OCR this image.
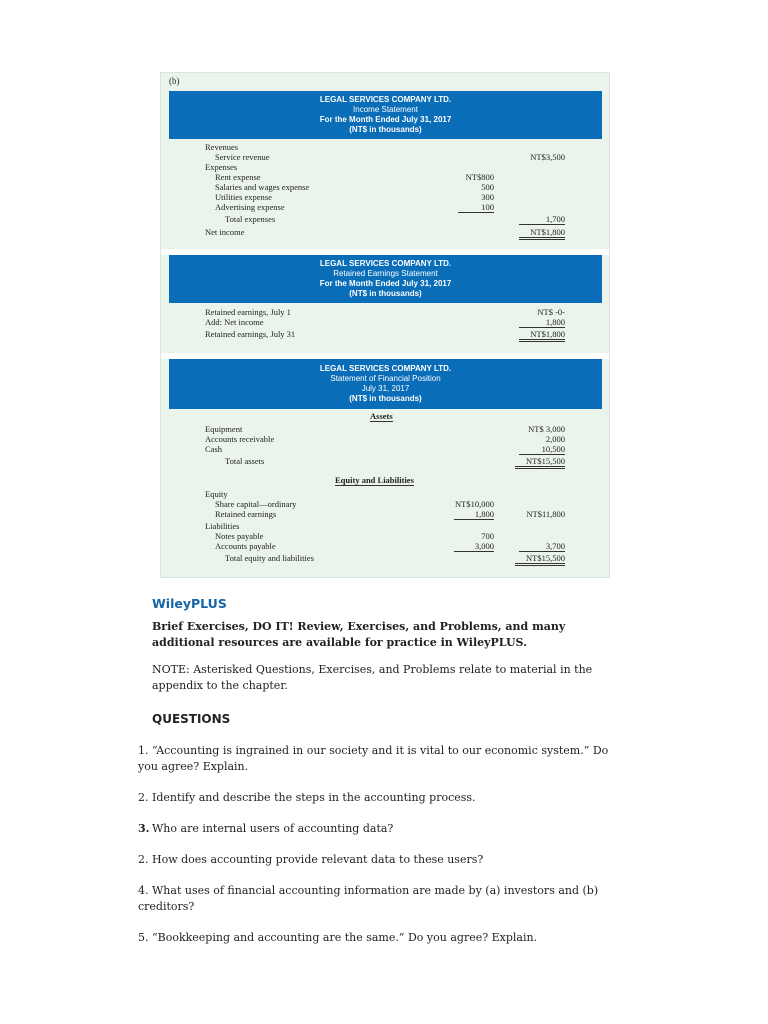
(b)
LEGAL SERVICES COMPANY LTD.
Income Statement
For the Month Ended July 31, 2017
(NT$ in thousands)
Revenues
Service revenue	NT$3,500
Expenses
Rent expense	NT$800
Salaries and wages expense	500
Utilities expense	300
Advertising expense	100
Total expenses	1,700
Net income	NT$1,800
LEGAL SERVICES COMPANY LTD.
Retained Earnings Statement
For the Month Ended July 31, 2017
(NT$ in thousands)
Retained earnings, July 1	NT$ -0-
Add: Net income	1,800
Retained earnings, July 31	NT$1,800
LEGAL SERVICES COMPANY LTD.
Statement of Financial Position
July 31, 2017
(NT$ in thousands)
Assets
Equipment	NT$ 3,000
Accounts receivable	2,000
Cash	10,500
Total assets	NT$15,500
Equity and Liabilities
Equity
Share capital—ordinary	NT$10,000
Retained earnings	1,800	NT$11,800
Liabilities
Notes payable	700
Accounts payable	3,000	3,700
Total equity and liabilities	NT$15,500
WileyPLUS
Brief Exercises, DO IT! Review, Exercises, and Problems, and many additional resources are available for practice in WileyPLUS.
NOTE: Asterisked Questions, Exercises, and Problems relate to material in the appendix to the chapter.
QUESTIONS
1. “Accounting is ingrained in our society and it is vital to our economic system.” Do you agree? Explain.
2. Identify and describe the steps in the accounting process.
3. Who are internal users of accounting data?
2. How does accounting provide relevant data to these users?
4. What uses of financial accounting information are made by (a) investors and (b) creditors?
5. “Bookkeeping and accounting are the same.” Do you agree? Explain.
